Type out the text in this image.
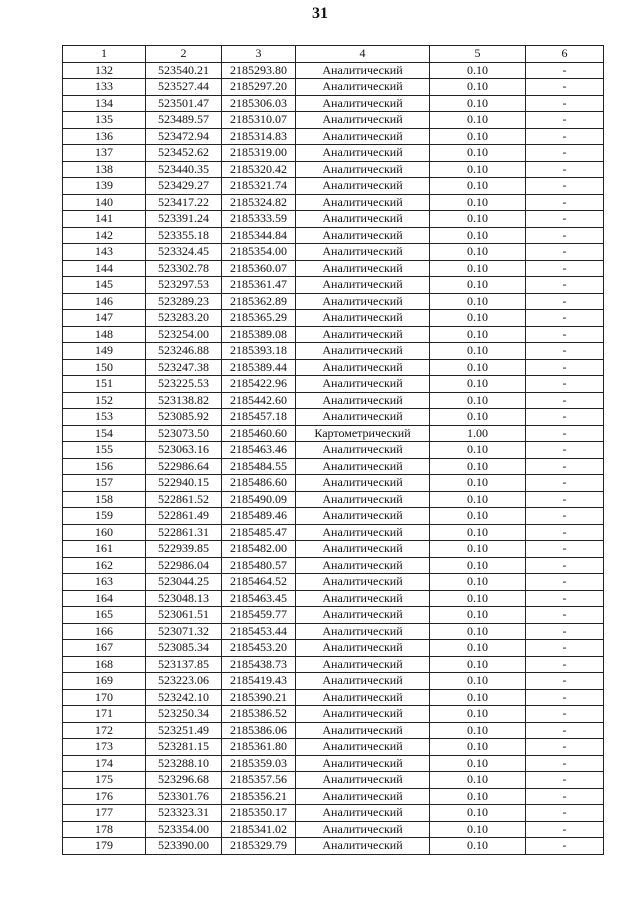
31
1	2	3	4	5	6
132	523540.21	2185293.80	Аналитический	0.10	-
133	523527.44	2185297.20	Аналитический	0.10	-
134	523501.47	2185306.03	Аналитический	0.10	-
135	523489.57	2185310.07	Аналитический	0.10	-
136	523472.94	2185314.83	Аналитический	0.10	-
137	523452.62	2185319.00	Аналитический	0.10	-
138	523440.35	2185320.42	Аналитический	0.10	-
139	523429.27	2185321.74	Аналитический	0.10	-
140	523417.22	2185324.82	Аналитический	0.10	-
141	523391.24	2185333.59	Аналитический	0.10	-
142	523355.18	2185344.84	Аналитический	0.10	-
143	523324.45	2185354.00	Аналитический	0.10	-
144	523302.78	2185360.07	Аналитический	0.10	-
145	523297.53	2185361.47	Аналитический	0.10	-
146	523289.23	2185362.89	Аналитический	0.10	-
147	523283.20	2185365.29	Аналитический	0.10	-
148	523254.00	2185389.08	Аналитический	0.10	-
149	523246.88	2185393.18	Аналитический	0.10	-
150	523247.38	2185389.44	Аналитический	0.10	-
151	523225.53	2185422.96	Аналитический	0.10	-
152	523138.82	2185442.60	Аналитический	0.10	-
153	523085.92	2185457.18	Аналитический	0.10	-
154	523073.50	2185460.60	Картометрический	1.00	-
155	523063.16	2185463.46	Аналитический	0.10	-
156	522986.64	2185484.55	Аналитический	0.10	-
157	522940.15	2185486.60	Аналитический	0.10	-
158	522861.52	2185490.09	Аналитический	0.10	-
159	522861.49	2185489.46	Аналитический	0.10	-
160	522861.31	2185485.47	Аналитический	0.10	-
161	522939.85	2185482.00	Аналитический	0.10	-
162	522986.04	2185480.57	Аналитический	0.10	-
163	523044.25	2185464.52	Аналитический	0.10	-
164	523048.13	2185463.45	Аналитический	0.10	-
165	523061.51	2185459.77	Аналитический	0.10	-
166	523071.32	2185453.44	Аналитический	0.10	-
167	523085.34	2185453.20	Аналитический	0.10	-
168	523137.85	2185438.73	Аналитический	0.10	-
169	523223.06	2185419.43	Аналитический	0.10	-
170	523242.10	2185390.21	Аналитический	0.10	-
171	523250.34	2185386.52	Аналитический	0.10	-
172	523251.49	2185386.06	Аналитический	0.10	-
173	523281.15	2185361.80	Аналитический	0.10	-
174	523288.10	2185359.03	Аналитический	0.10	-
175	523296.68	2185357.56	Аналитический	0.10	-
176	523301.76	2185356.21	Аналитический	0.10	-
177	523323.31	2185350.17	Аналитический	0.10	-
178	523354.00	2185341.02	Аналитический	0.10	-
179	523390.00	2185329.79	Аналитический	0.10	-
